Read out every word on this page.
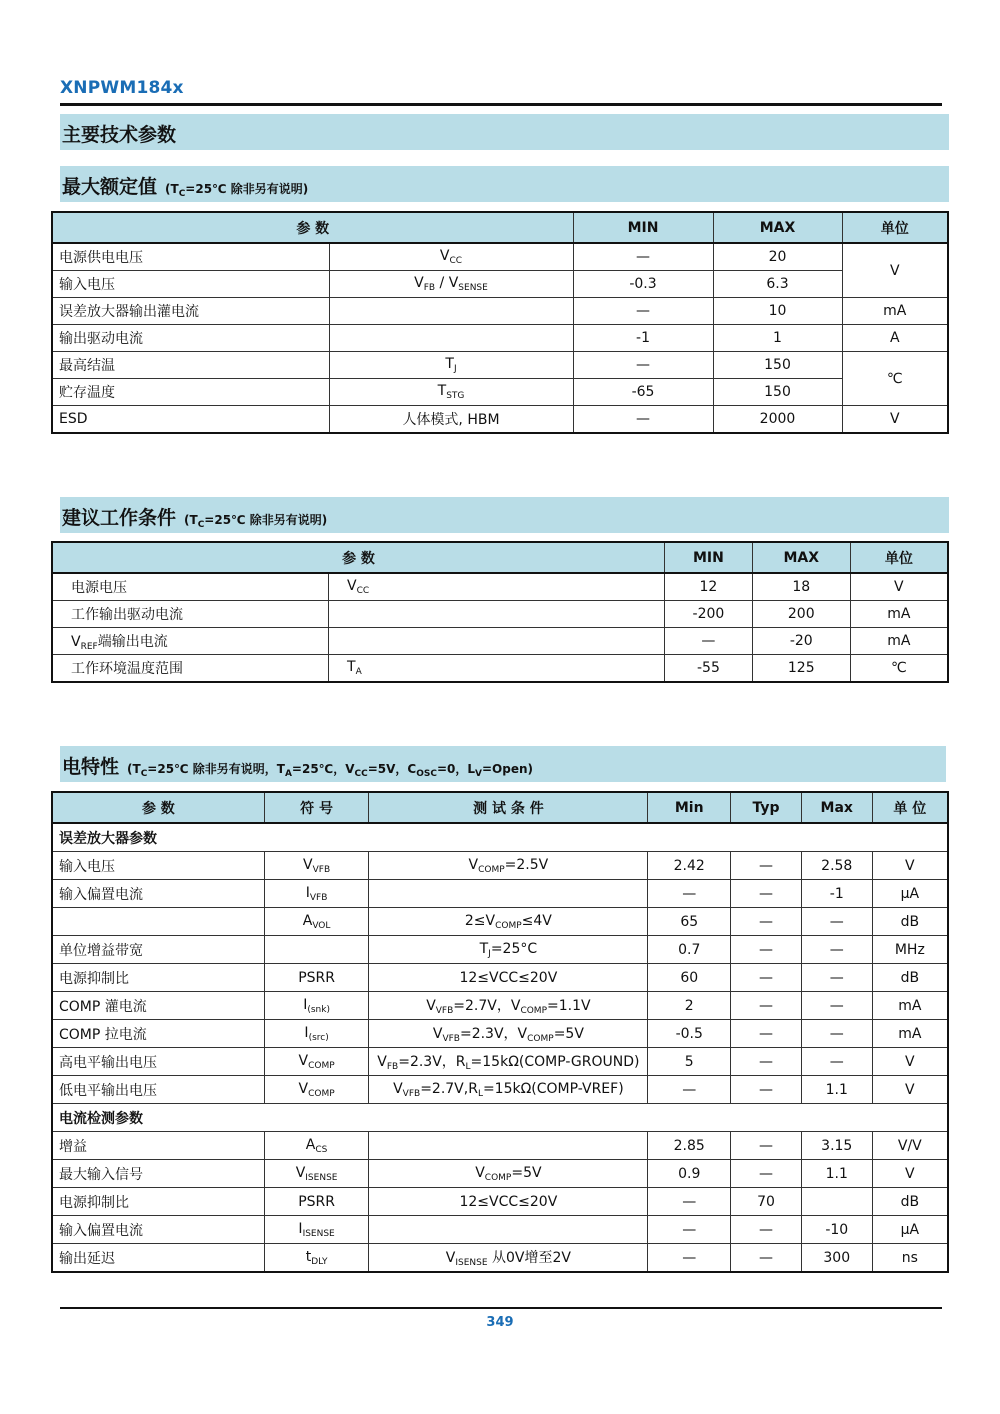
XNPWM184x
主要技术参数
最大额定值 ($T_C=25℃$ 除非另有说明)
参 数		MIN	MAX	单位
电源供电电压	$V_{CC}$	—	20	V
输入电压	$V_{FB} / V_{SENSE}$	-0.3	6.3	
误差放大器输出灌电流		—	10	mA
输出驱动电流		-1	1	A
最高结温	$T_J$	—	150	℃
贮存温度	$T_{STG}$	-65	150	
ESD	人体模式, HBM	—	2000	V
建议工作条件 ($T_C=25℃$ 除非另有说明)
参 数		MIN	MAX	单位
电源电压	$V_{CC}$	12	18	V
工作输出驱动电流		-200	200	mA
$V_{REF}$端输出电流		—	-20	mA
工作环境温度范围	$T_A$	-55	125	℃
电特性 ($T_C=25℃$ 除非另有说明，$T_A=25℃$，$V_{CC}=5V$，$C_{OSC}=0$，$L_V=Open$)
参 数	符 号	测 试 条 件	Min	Typ	Max	单 位
误差放大器参数						
输入电压	$V_{VFB}$	$V_{COMP}=2.5V$	2.42	—	2.58	V
输入偏置电流	$I_{VFB}$		—	—	-1	μA
	$A_{VOL}$	$2\le V_{COMP}\le 4V$	65	—	—	dB
单位增益带宽		$T_J=25^\circ C$	0.7	—	—	MHz
电源抑制比	PSRR	12≤VCC≤20V	60	—	—	dB
COMP 灌电流	$I_{(snk)}$	$V_{VFB}=2.7V$，$V_{COMP}=1.1V$	2	—	—	mA
COMP 拉电流	$I_{(src)}$	$V_{VFB}=2.3V$，$V_{COMP}=5V$	-0.5	—	—	mA
高电平输出电压	$V_{COMP}$	$V_{FB}=2.3V$，$R_L=15k\Omega(COMP-GROUND)$	5	—	—	V
低电平输出电压	$V_{COMP}$	$V_{VFB}=2.7V,R_L=15k\Omega(COMP-VREF)$	—	—	1.1	V
电流检测参数						
增益	$A_{CS}$		2.85	—	3.15	V/V
最大输入信号	$V_{ISENSE}$	$V_{COMP}=5V$	0.9	—	1.1	V
电源抑制比	PSRR	12≤VCC≤20V	—	70		dB
输入偏置电流	$I_{ISENSE}$		—	—	-10	μA
输出延迟	$t_{DLY}$	$V_{ISENSE}$ 从0V增至2V	—	—	300	ns
349
